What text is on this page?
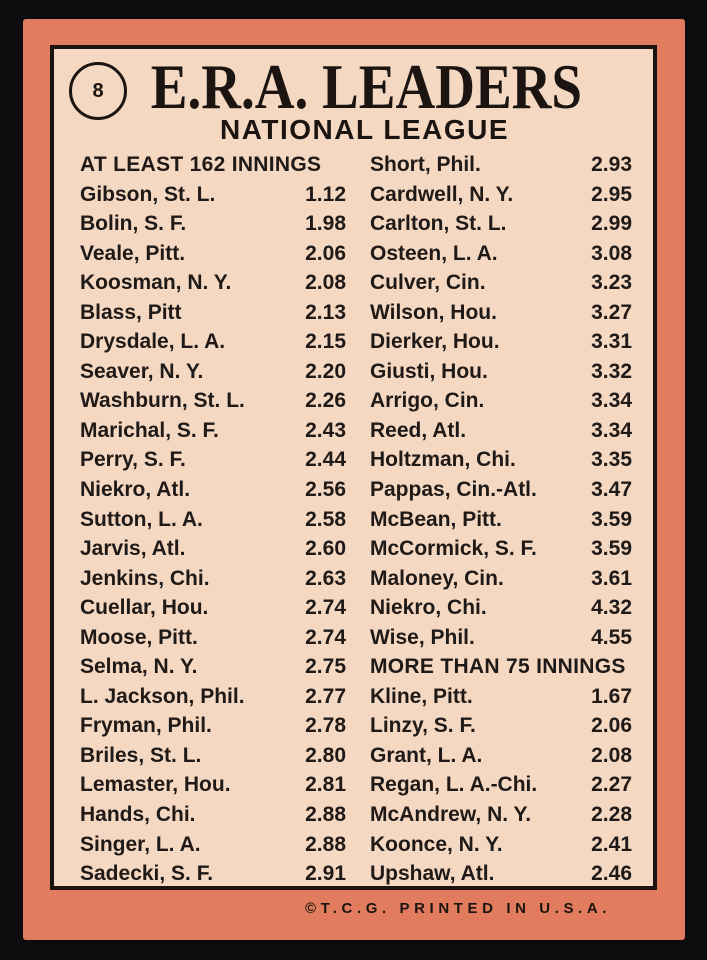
8 E.R.A. LEADERS
NATIONAL LEAGUE
AT LEAST 162 INNINGS
Gibson, St. L.	1.12
Bolin, S. F.	1.98
Veale, Pitt.	2.06
Koosman, N. Y.	2.08
Blass, Pitt	2.13
Drysdale, L. A.	2.15
Seaver, N. Y.	2.20
Washburn, St. L.	2.26
Marichal, S. F.	2.43
Perry, S. F.	2.44
Niekro, Atl.	2.56
Sutton, L. A.	2.58
Jarvis, Atl.	2.60
Jenkins, Chi.	2.63
Cuellar, Hou.	2.74
Moose, Pitt.	2.74
Selma, N. Y.	2.75
L. Jackson, Phil.	2.77
Fryman, Phil.	2.78
Briles, St. L.	2.80
Lemaster, Hou.	2.81
Hands, Chi.	2.88
Singer, L. A.	2.88
Sadecki, S. F.	2.91
Short, Phil.	2.93
Cardwell, N. Y.	2.95
Carlton, St. L.	2.99
Osteen, L. A.	3.08
Culver, Cin.	3.23
Wilson, Hou.	3.27
Dierker, Hou.	3.31
Giusti, Hou.	3.32
Arrigo, Cin.	3.34
Reed, Atl.	3.34
Holtzman, Chi.	3.35
Pappas, Cin.-Atl.	3.47
McBean, Pitt.	3.59
McCormick, S. F.	3.59
Maloney, Cin.	3.61
Niekro, Chi.	4.32
Wise, Phil.	4.55
MORE THAN 75 INNINGS
Kline, Pitt.	1.67
Linzy, S. F.	2.06
Grant, L. A.	2.08
Regan, L. A.-Chi.	2.27
McAndrew, N. Y.	2.28
Koonce, N. Y.	2.41
Upshaw, Atl.	2.46
©T.C.G. PRINTED IN U.S.A.
